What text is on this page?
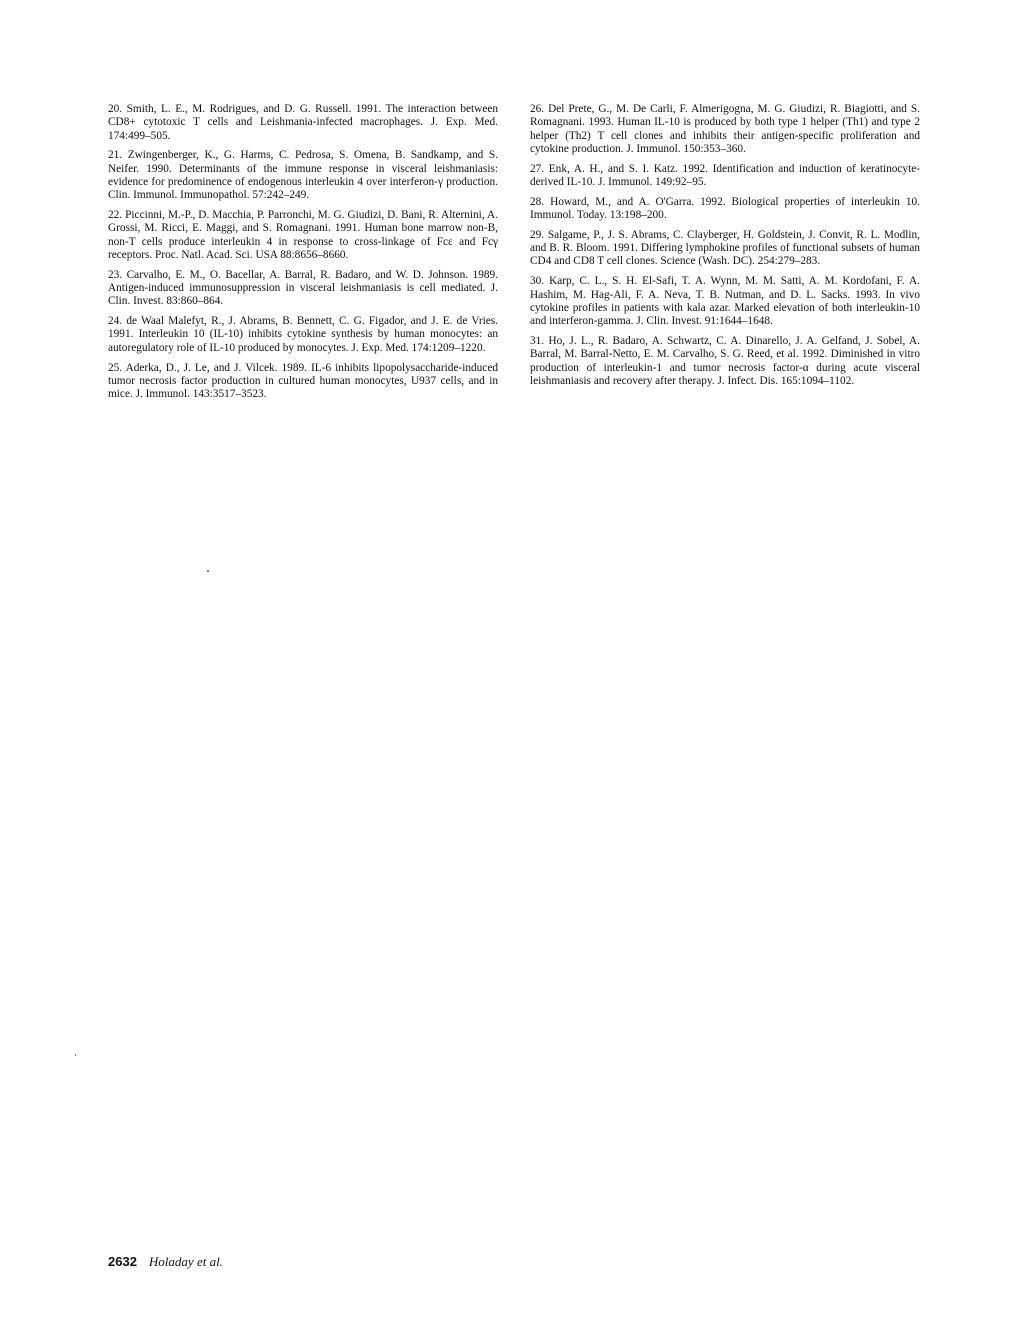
20. Smith, L. E., M. Rodrigues, and D. G. Russell. 1991. The interaction between CD8+ cytotoxic T cells and Leishmania-infected macrophages. J. Exp. Med. 174:499–505.

21. Zwingenberger, K., G. Harms, C. Pedrosa, S. Omena, B. Sandkamp, and S. Neifer. 1990. Determinants of the immune response in visceral leishmaniasis: evidence for predominence of endogenous interleukin 4 over interferon-γ production. Clin. Immunol. Immunopathol. 57:242–249.

22. Piccinni, M.-P., D. Macchia, P. Parronchi, M. G. Giudizi, D. Bani, R. Alternini, A. Grossi, M. Ricci, E. Maggi, and S. Romagnani. 1991. Human bone marrow non-B, non-T cells produce interleukin 4 in response to cross-linkage of Fcε and Fcγ receptors. Proc. Natl. Acad. Sci. USA 88:8656–8660.

23. Carvalho, E. M., O. Bacellar, A. Barral, R. Badaro, and W. D. Johnson. 1989. Antigen-induced immunosuppression in visceral leishmaniasis is cell mediated. J. Clin. Invest. 83:860–864.

24. de Waal Malefyt, R., J. Abrams, B. Bennett, C. G. Figador, and J. E. de Vries. 1991. Interleukin 10 (IL-10) inhibits cytokine synthesis by human monocytes: an autoregulatory role of IL-10 produced by monocytes. J. Exp. Med. 174:1209–1220.

25. Aderka, D., J. Le, and J. Vilcek. 1989. IL-6 inhibits lipopolysaccharide-induced tumor necrosis factor production in cultured human monocytes, U937 cells, and in mice. J. Immunol. 143:3517–3523.

26. Del Prete, G., M. De Carli, F. Almerigogna, M. G. Giudizi, R. Biagiotti, and S. Romagnani. 1993. Human IL-10 is produced by both type 1 helper (Th1) and type 2 helper (Th2) T cell clones and inhibits their antigen-specific proliferation and cytokine production. J. Immunol. 150:353–360.

27. Enk, A. H., and S. I. Katz. 1992. Identification and induction of keratinocyte-derived IL-10. J. Immunol. 149:92–95.

28. Howard, M., and A. O'Garra. 1992. Biological properties of interleukin 10. Immunol. Today. 13:198–200.

29. Salgame, P., J. S. Abrams, C. Clayberger, H. Goldstein, J. Convit, R. L. Modlin, and B. R. Bloom. 1991. Differing lymphokine profiles of functional subsets of human CD4 and CD8 T cell clones. Science (Wash. DC). 254:279–283.

30. Karp, C. L., S. H. El-Safi, T. A. Wynn, M. M. Satti, A. M. Kordofani, F. A. Hashim, M. Hag-Ali, F. A. Neva, T. B. Nutman, and D. L. Sacks. 1993. In vivo cytokine profiles in patients with kala azar. Marked elevation of both interleukin-10 and interferon-gamma. J. Clin. Invest. 91:1644–1648.

31. Ho, J. L., R. Badaro, A. Schwartz, C. A. Dinarello, J. A. Gelfand, J. Sobel, A. Barral, M. Barral-Netto, E. M. Carvalho, S. G. Reed, et al. 1992. Diminished in vitro production of interleukin-1 and tumor necrosis factor-α during acute visceral leishmaniasis and recovery after therapy. J. Infect. Dis. 165:1094–1102.

2632 Holaday et al.
